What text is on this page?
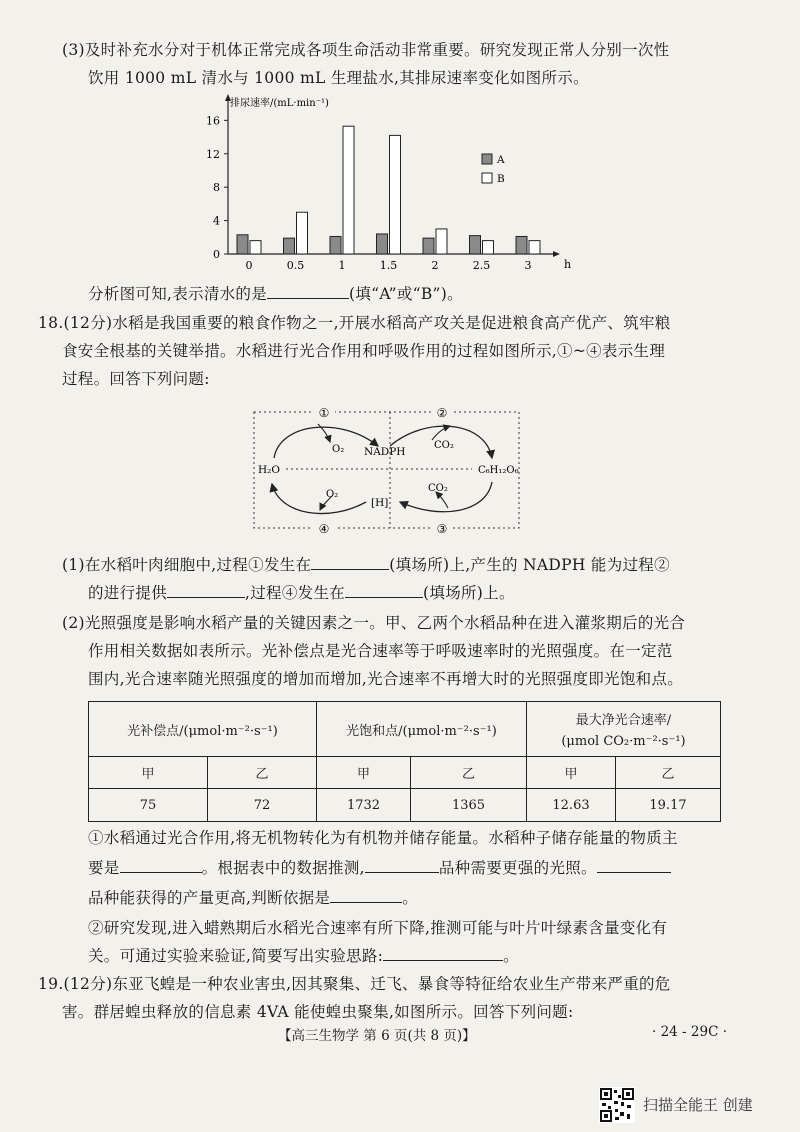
(3)及时补充水分对于机体正常完成各项生命活动非常重要。研究发现正常人分别一次性
饮用 1000 mL 清水与 1000 mL 生理盐水,其排尿速率变化如图所示。
排尿速率/(mL·min⁻¹)
h
0
4
8
12
16
0	0.5	1	1.5	2	2.5	3
A
B
分析图可知,表示清水的是	(填“A”或“B”)。
18.(12分)水稻是我国重要的粮食作物之一,开展水稻高产攻关是促进粮食高产优产、筑牢粮
食安全根基的关键举措。水稻进行光合作用和呼吸作用的过程如图所示,①~④表示生理
过程。回答下列问题:
①	②
③
④
O₂ NADPH
CO₂
H₂O	C₆H₁₂O₆
O₂
[H]
CO₂
(1)在水稻叶肉细胞中,过程①发生在	(填场所)上,产生的 NADPH 能为过程②
的进行提供	,过程④发生在	(填场所)上。
(2)光照强度是影响水稻产量的关键因素之一。甲、乙两个水稻品种在进入灌浆期后的光合
作用相关数据如表所示。光补偿点是光合速率等于呼吸速率时的光照强度。在一定范
围内,光合速率随光照强度的增加而增加,光合速率不再增大时的光照强度即光饱和点。
光补偿点/(μmol·m⁻²·s⁻¹)		光饱和点/(μmol·m⁻²·s⁻¹)		最大净光合速率/
(μmol CO₂·m⁻²·s⁻¹)	

甲	乙	甲	乙	甲	乙
75	72	1732	1365	12.63	19.17
①水稻通过光合作用,将无机物转化为有机物并储存能量。水稻种子储存能量的物质主
要是	。根据表中的数据推测,	品种需要更强的光照。
品种能获得的产量更高,判断依据是	。
②研究发现,进入蜡熟期后水稻光合速率有所下降,推测可能与叶片叶绿素含量变化有
关。可通过实验来验证,简要写出实验思路:	。
19.(12分)东亚飞蝗是一种农业害虫,因其聚集、迁飞、暴食等特征给农业生产带来严重的危
害。群居蝗虫释放的信息素 4VA 能使蝗虫聚集,如图所示。回答下列问题:
【高三生物学 第 6 页(共 8 页)】	· 24 - 29C ·
扫描全能王 创建
